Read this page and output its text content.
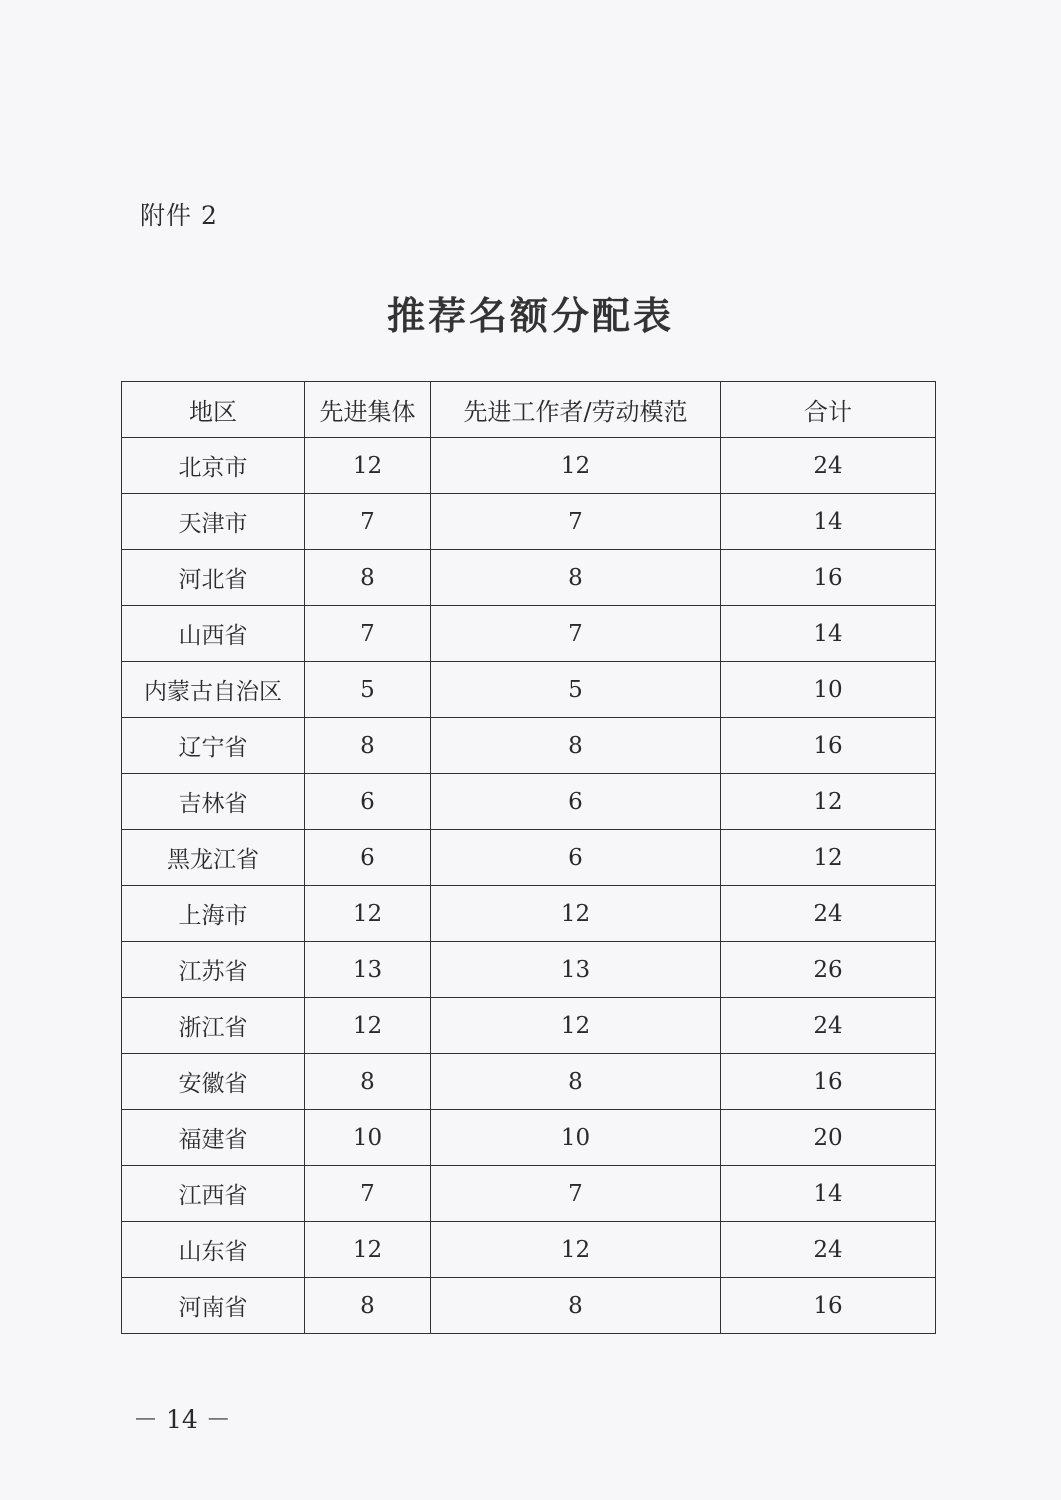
附件 2
推荐名额分配表
地区	先进集体	先进工作者/劳动模范	合计
北京市	12	12	24
天津市	7	7	14
河北省	8	8	16
山西省	7	7	14
内蒙古自治区	5	5	10
辽宁省	8	8	16
吉林省	6	6	12
黑龙江省	6	6	12
上海市	12	12	24
江苏省	13	13	26
浙江省	12	12	24
安徽省	8	8	16
福建省	10	10	20
江西省	7	7	14
山东省	12	12	24
河南省	8	8	16
－ 14 －
